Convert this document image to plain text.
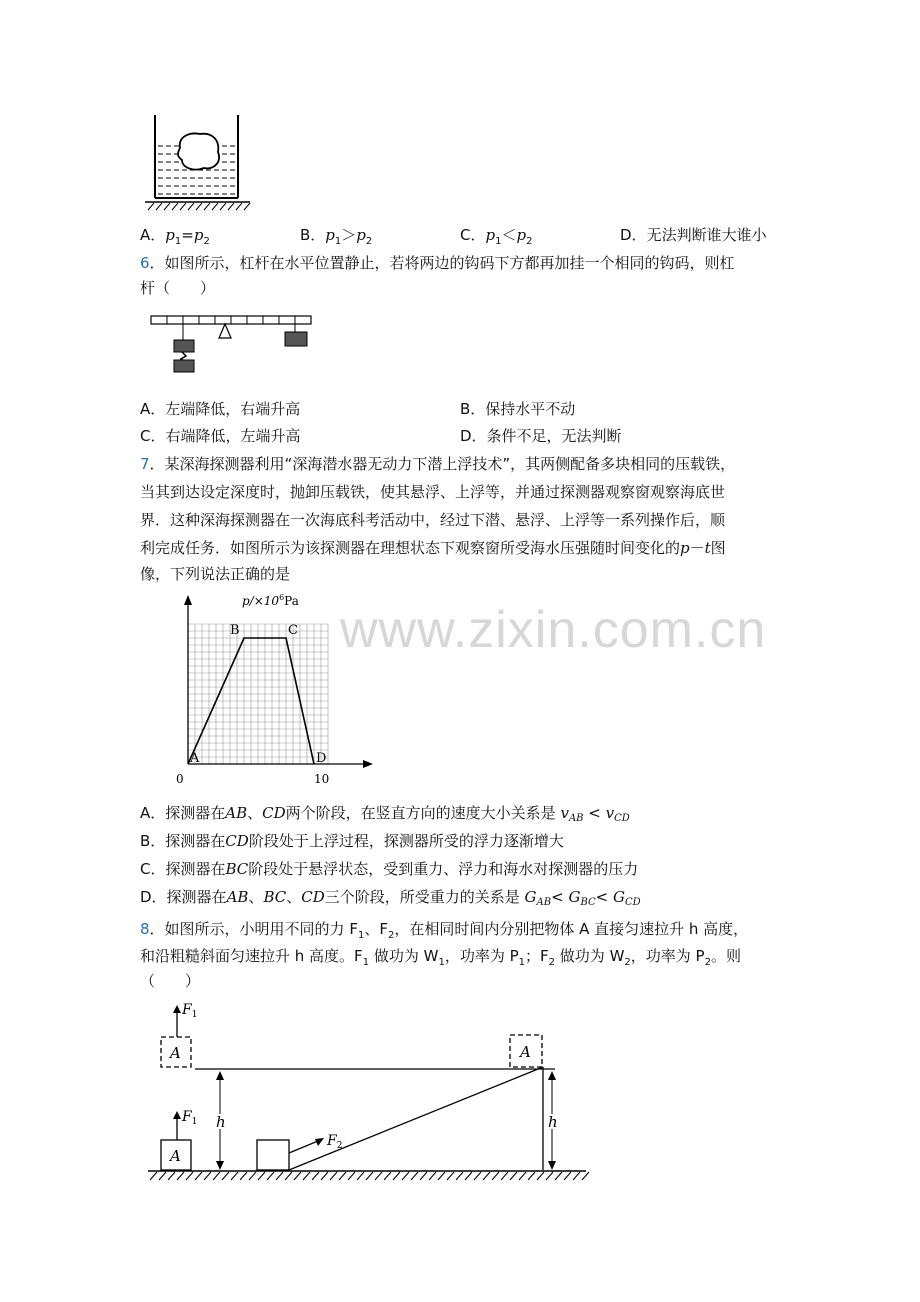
www.zixin.com.cn
A．$p_1=p_2$	B．$p_1>p_2$	C．$p_1<p_2$	D．无法判断谁大谁小
6．如图所示，杠杆在水平位置静止，若将两边的钩码下方都再加挂一个相同的钩码，则杠
杆（　　）
A．左端降低，右端升高	B．保持水平不动
C．右端降低，左端升高	D．条件不足，无法判断
7．某深海探测器利用“深海潜水器无动力下潜上浮技术”，其两侧配备多块相同的压载铁，
当其到达设定深度时，抛卸压载铁，使其悬浮、上浮等，并通过探测器观察窗观察海底世
界．这种深海探测器在一次海底科考活动中，经过下潜、悬浮、上浮等一系列操作后，顺
利完成任务．如图所示为该探测器在理想状态下观察窗所受海水压强随时间变化的p－t图
像，下列说法正确的是
$p/\times 10^6Pa$
0	10
A
B	C
D
A．探测器在AB、CD两个阶段，在竖直方向的速度大小关系是 $v_{AB} < v_{CD}$
B．探测器在CD阶段处于上浮过程，探测器所受的浮力逐渐增大
C．探测器在BC阶段处于悬浮状态，受到重力、浮力和海水对探测器的压力
D．探测器在AB、BC、CD三个阶段，所受重力的关系是 $G_{AB}< G_{BC}< G_{CD}$
8．如图所示，小明用不同的力 $F_1$、$F_2$，在相同时间内分别把物体 A 直接匀速拉升 h 高度，
和沿粗糙斜面匀速拉升 h 高度。$F_1$ 做功为 $W_1$，功率为 $P_1$；$F_2$ 做功为 $W_2$，功率为 $P_2$。则
（　　）
A
$F_1$
h
A
$F_1$
$F_2$
A
h
